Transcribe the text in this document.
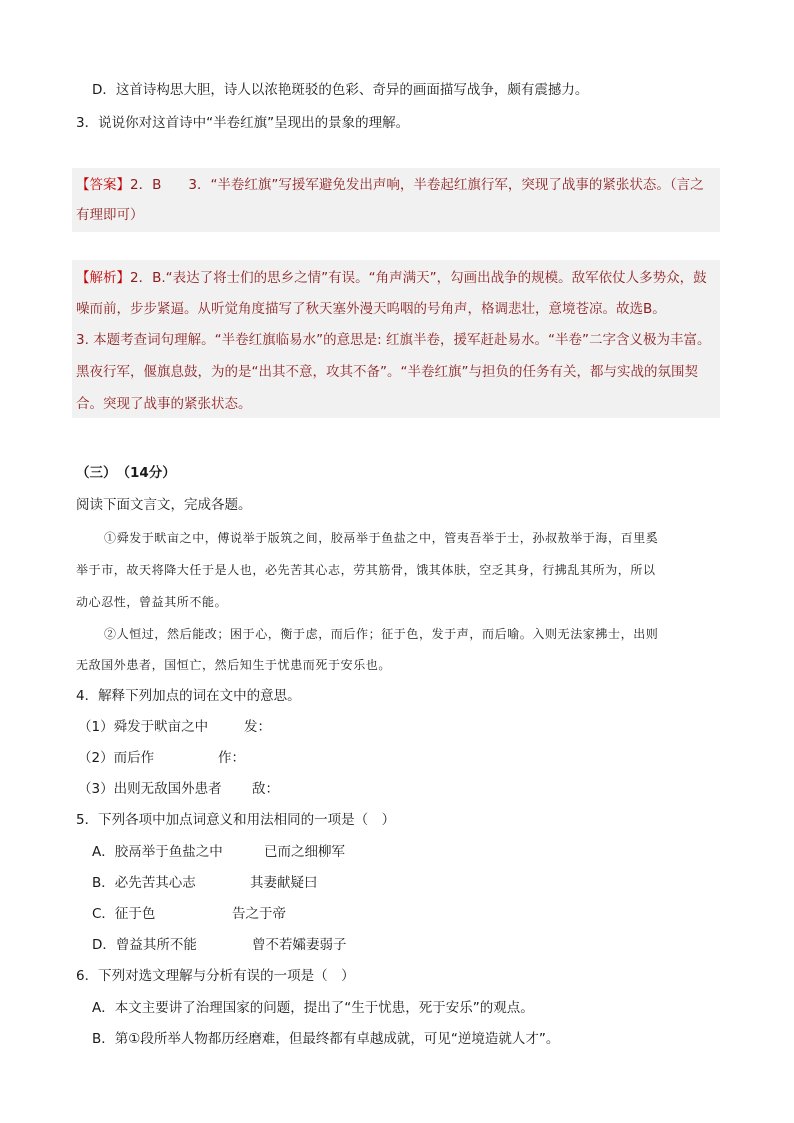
D．这首诗构思大胆，诗人以浓艳斑驳的色彩、奇异的画面描写战争，颇有震撼力。
3．说说你对这首诗中“半卷红旗”呈现出的景象的理解。
【答案】2．B　　3．“半卷红旗”写援军避免发出声响，半卷起红旗行军，突现了战事的紧张状态。（言之
有理即可）
【解析】2．B.“表达了将士们的思乡之情”有误。“角声满天”，勾画出战争的规模。敌军依仗人多势众，鼓
噪而前，步步紧逼。从听觉角度描写了秋天塞外漫天呜咽的号角声，格调悲壮，意境苍凉。故选B。
3. 本题考查词句理解。“半卷红旗临易水”的意思是: 红旗半卷，援军赶赴易水。“半卷”二字含义极为丰富。
黑夜行军，偃旗息鼓，为的是“出其不意，攻其不备”。“半卷红旗”与担负的任务有关，都与实战的氛围契
合。突现了战事的紧张状态。
（三）　（14分）
阅读下面文言文，完成各题。
①舜发于畎亩之中，傅说举于版筑之间，胶鬲举于鱼盐之中，管夷吾举于士，孙叔敖举于海，百里奚
举于市，故天将降大任于是人也，必先苦其心志，劳其筋骨，饿其体肤，空乏其身，行拂乱其所为，所以
动心忍性，曾益其所不能。
②人恒过，然后能改；困于心，衡于虑，而后作；征于色，发于声，而后喻。入则无法家拂士，出则
无敌国外患者，国恒亡，然后知生于忧患而死于安乐也。
4．解释下列加点的词在文中的意思。
（1）舜发于畎亩之中	发：
（2）而后作	作：
（3）出则无敌国外患者 敌：
5．下列各项中加点词意义和用法相同的一项是（　）
A．胶鬲举于鱼盐之中	已而之细柳军
B．必先苦其心志	其妻献疑曰
C．征于色	告之于帝
D．曾益其所不能	曾不若孀妻弱子
6．下列对选文理解与分析有误的一项是（　）
A．本文主要讲了治理国家的问题，提出了“生于忧患，死于安乐”的观点。
B．第①段所举人物都历经磨难，但最终都有卓越成就，可见“逆境造就人才”。
